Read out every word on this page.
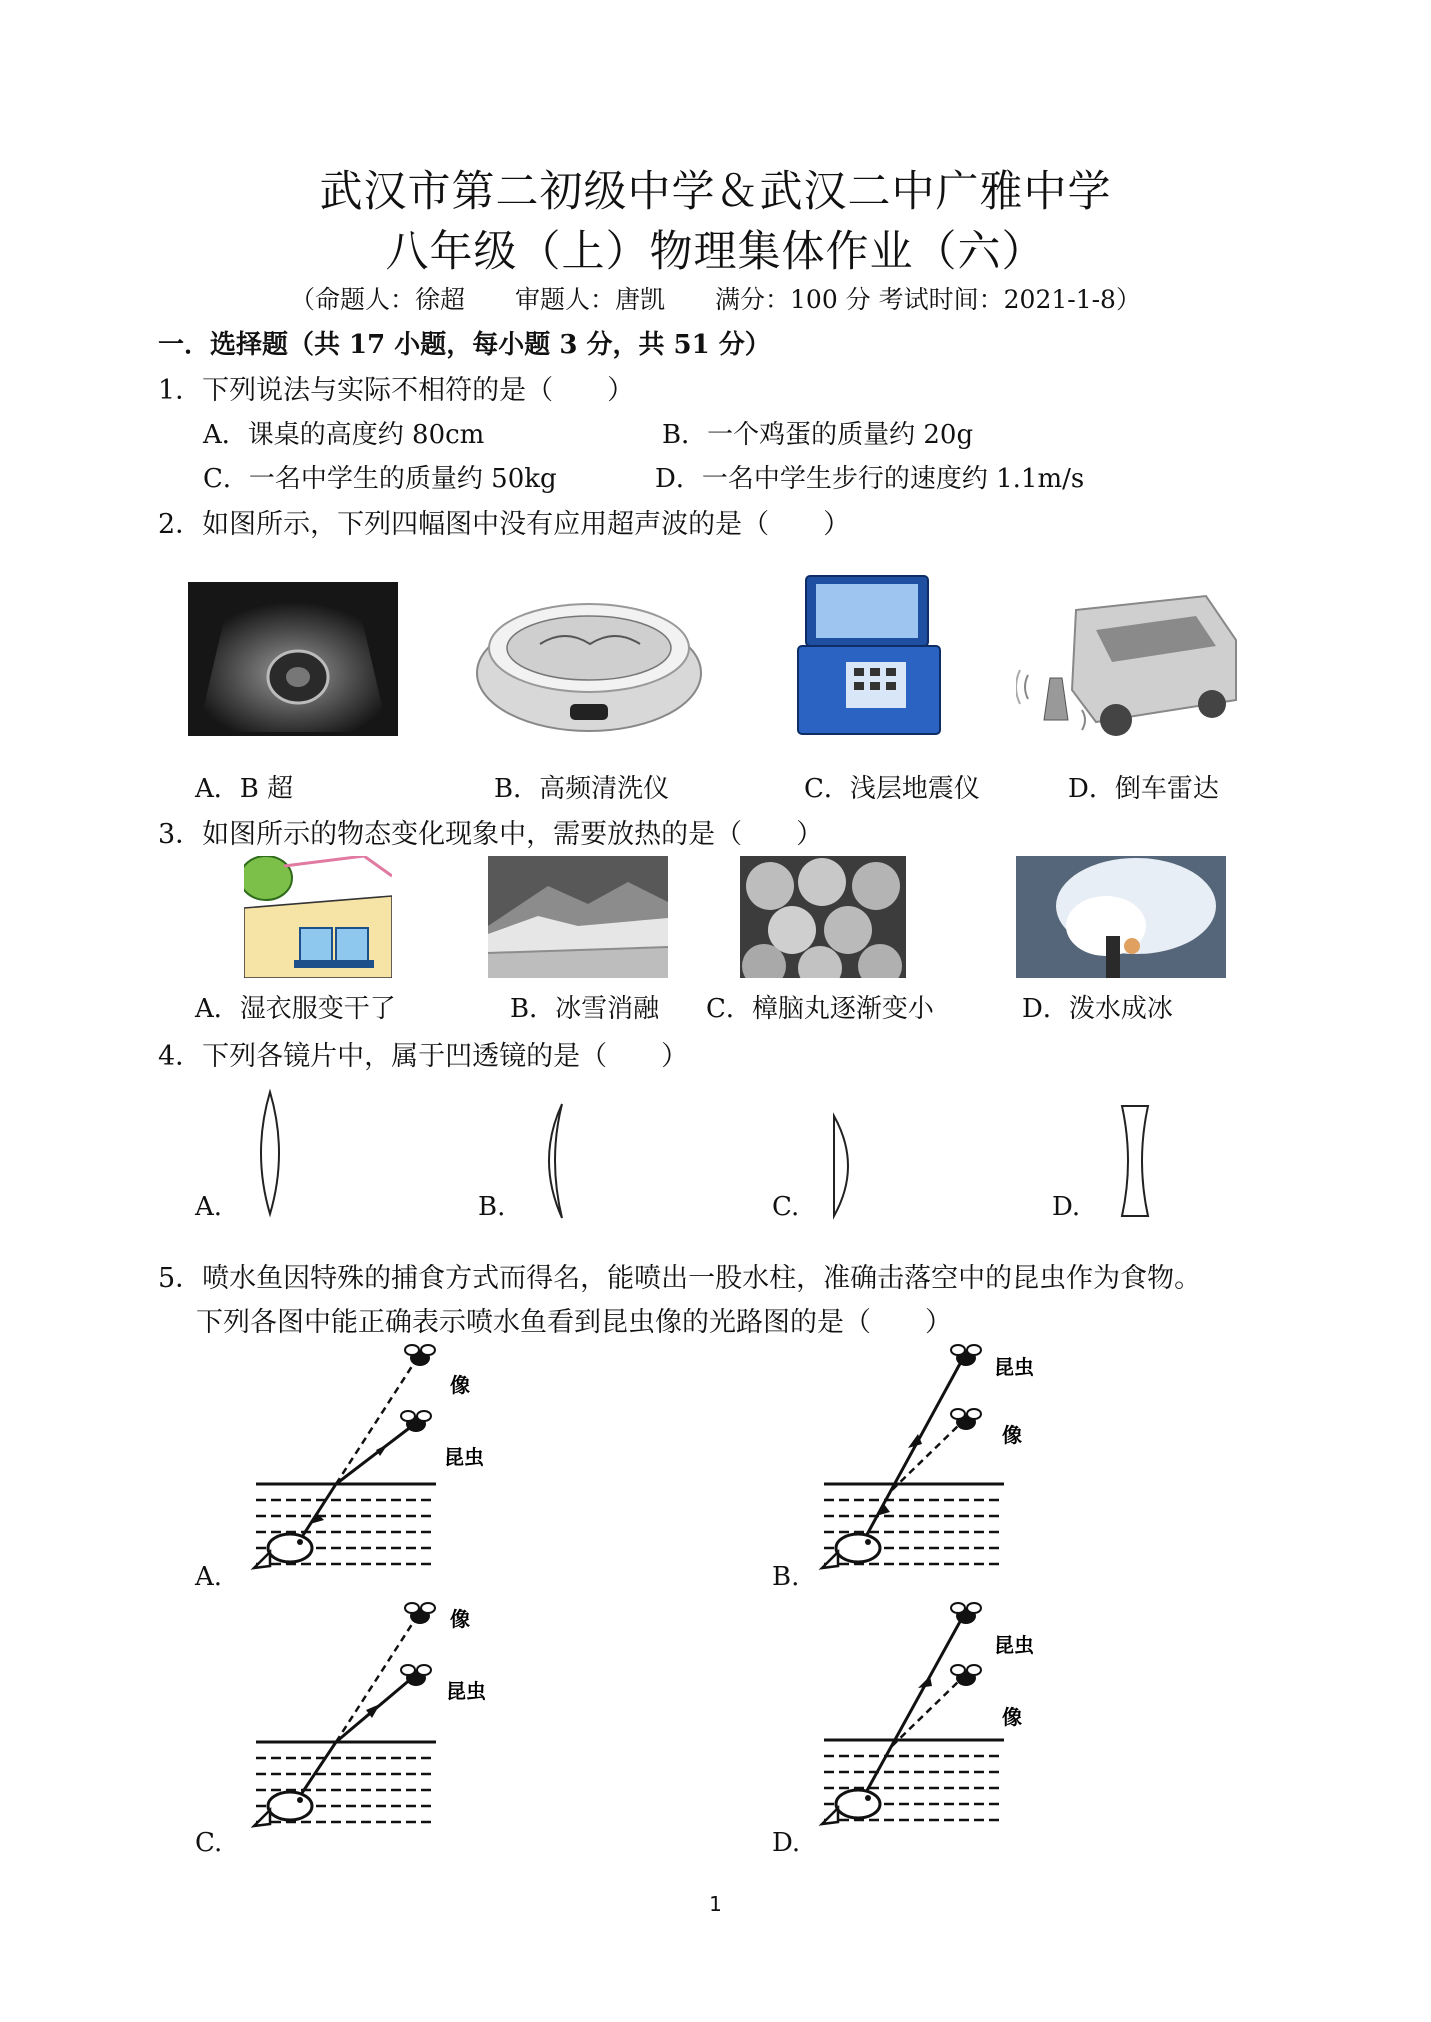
武汉市第二初级中学＆武汉二中广雅中学
八年级（上）物理集体作业（六）
（命题人：徐超　　审题人：唐凯　　满分：100 分 考试时间：2021-1-8）
一．选择题（共 17 小题，每小题 3 分，共 51 分）
1．下列说法与实际不相符的是（　　）
A．课桌的高度约 80cm	B．一个鸡蛋的质量约 20g
C．一名中学生的质量约 50kg	D．一名中学生步行的速度约 1.1m/s
2．如图所示，下列四幅图中没有应用超声波的是（　　）
A．B 超	B．高频清洗仪	C．浅层地震仪	D．倒车雷达
3．如图所示的物态变化现象中，需要放热的是（　　）
A．湿衣服变干了	B．冰雪消融 C．樟脑丸逐渐变小	D．泼水成冰
4．下列各镜片中，属于凹透镜的是（　　）
A.	B.	C.	D.
5．喷水鱼因特殊的捕食方式而得名，能喷出一股水柱，准确击落空中的昆虫作为食物。
下列各图中能正确表示喷水鱼看到昆虫像的光路图的是（　　）
像
昆虫
A.
昆虫
像
B.
像
昆虫
C.
昆虫
像
D.
1
